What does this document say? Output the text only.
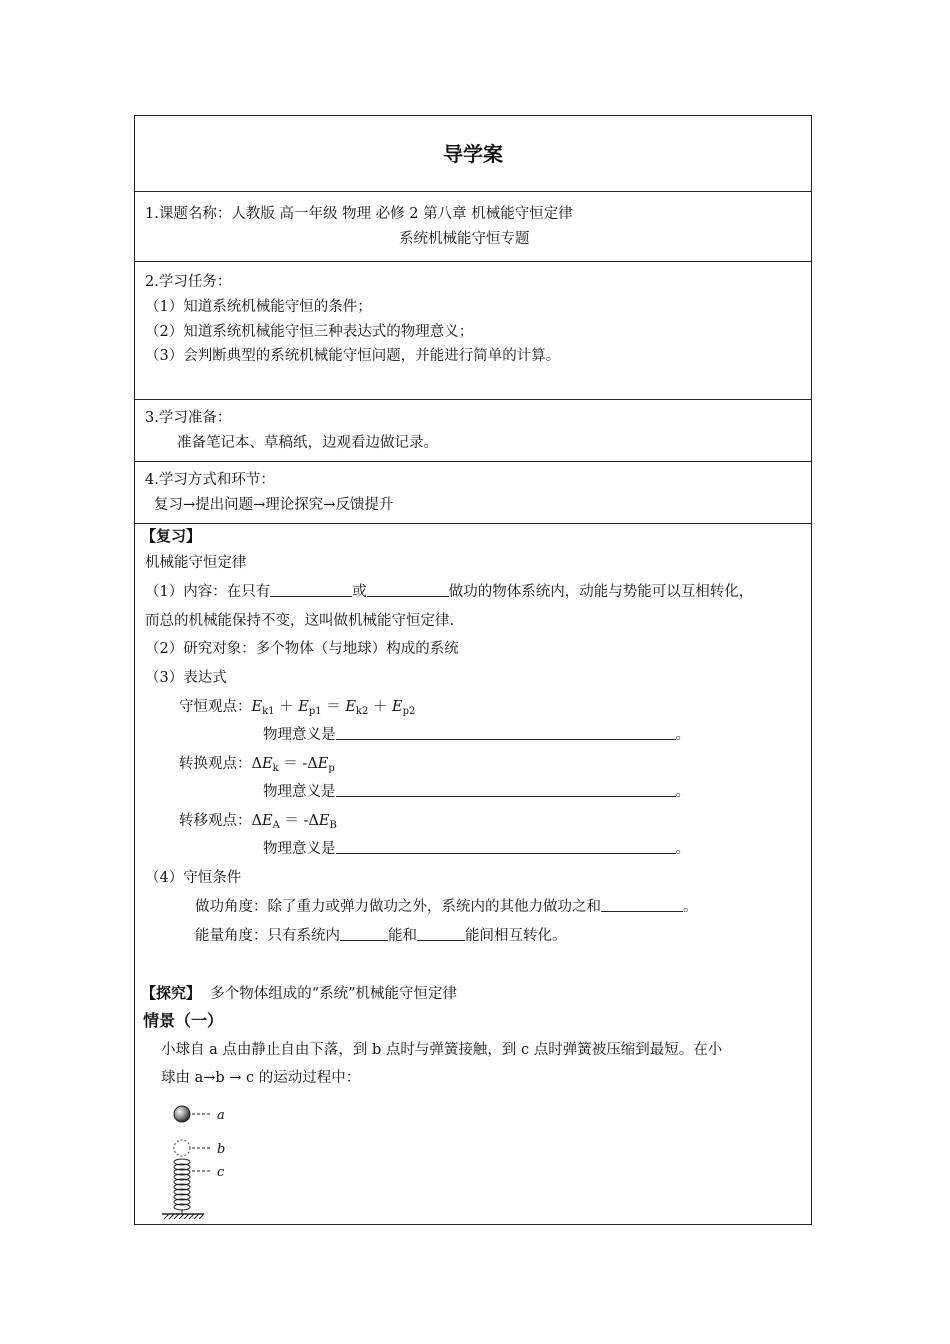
导学案
1.课题名称：人教版 高一年级 物理 必修 2 第八章 机械能守恒定律
系统机械能守恒专题
2.学习任务：
（1）知道系统机械能守恒的条件；
（2）知道系统机械能守恒三种表达式的物理意义；
（3）会判断典型的系统机械能守恒问题，并能进行简单的计算。
3.学习准备：
准备笔记本、草稿纸，边观看边做记录。
4.学习方式和环节：
复习→提出问题→理论探究→反馈提升
【复习】
机械能守恒定律
（1）内容：在只有	或	做功的物体系统内，动能与势能可以互相转化，
而总的机械能保持不变，这叫做机械能守恒定律.
（2）研究对象：多个物体（与地球）构成的系统
（3）表达式
守恒观点：$E_{k1} + E_{p1} = E_{k2} + E_{p2}$
物理意义是	。
转换观点：$\Delta E_k = -\Delta E_p$
物理意义是	。
转移观点：$\Delta E_A = -\Delta E_B$
物理意义是	。
（4）守恒条件
做功角度：除了重力或弹力做功之外，系统内的其他力做功之和	。
能量角度：只有系统内	能和	能间相互转化。
【探究】 多个物体组成的“系统”机械能守恒定律
情景（一）
小球自 a 点由静止自由下落，到 b 点时与弹簧接触，到 c 点时弹簧被压缩到最短。在小
球由 a→b → c 的运动过程中：
a
b
c
